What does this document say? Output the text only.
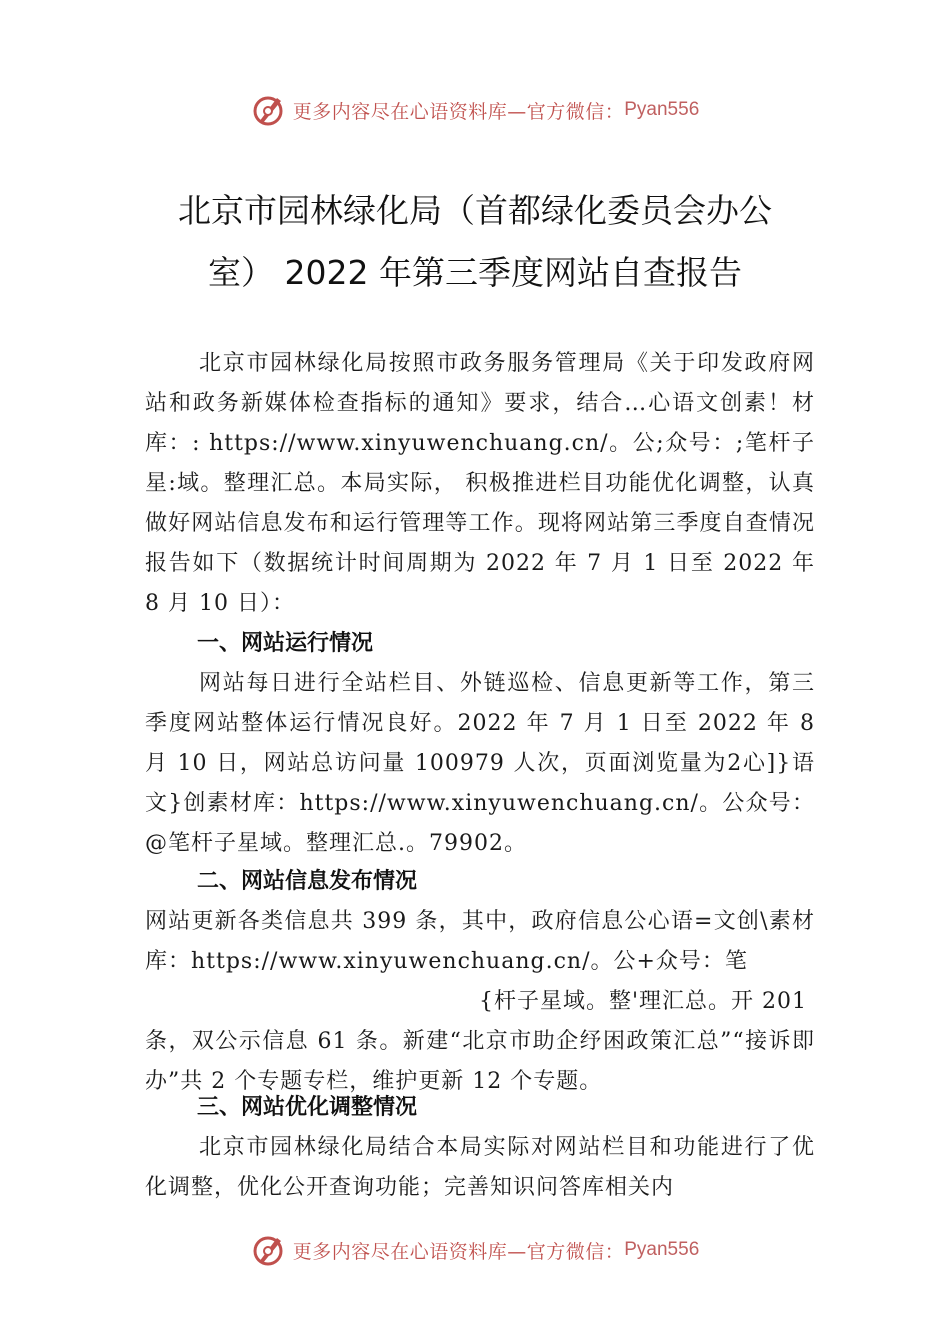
更多内容尽在心语资料库—官方微信： Pyan556
北京市园林绿化局（首都绿化委员会办公
室） 2022 年第三季度网站自查报告

北京市园林绿化局按照市政务服务管理局《关于印发政府网站和政务新媒体检查指标的通知》要求，结合…心语文创素！材库：: https://www.xinyuwenchuang.cn/。公;众号：;笔杆子星:域。整理汇总。本局实际， 积极推进栏目功能优化调整，认真做好网站信息发布和运行管理等工作。现将网站第三季度自查情况报告如下（数据统计时间周期为 2022 年 7 月 1 日至 2022 年 8 月 10 日）：

一、网站运行情况

网站每日进行全站栏目、外链巡检、信息更新等工作，第三季度网站整体运行情况良好。2022 年 7 月 1 日至 2022 年 8 月 10 日，网站总访问量 100979 人次，页面浏览量为2心]}语文}创素材库：https://www.xinyuwenchuang.cn/。公众号：@笔杆子星域。整理汇总.。79902。

二、网站信息发布情况

网站更新各类信息共 399 条，其中，政府信息公心语=文创\素材库：https://www.xinyuwenchuang.cn/。公+众号：笔

{杆子星域。整'理汇总。开 201

条，双公示信息 61 条。新建“北京市助企纾困政策汇总”“接诉即办”共 2 个专题专栏，维护更新 12 个专题。

三、网站优化调整情况

北京市园林绿化局结合本局实际对网站栏目和功能进行了优化调整，优化公开查询功能；完善知识问答库相关内

更多内容尽在心语资料库—官方微信： Pyan556
